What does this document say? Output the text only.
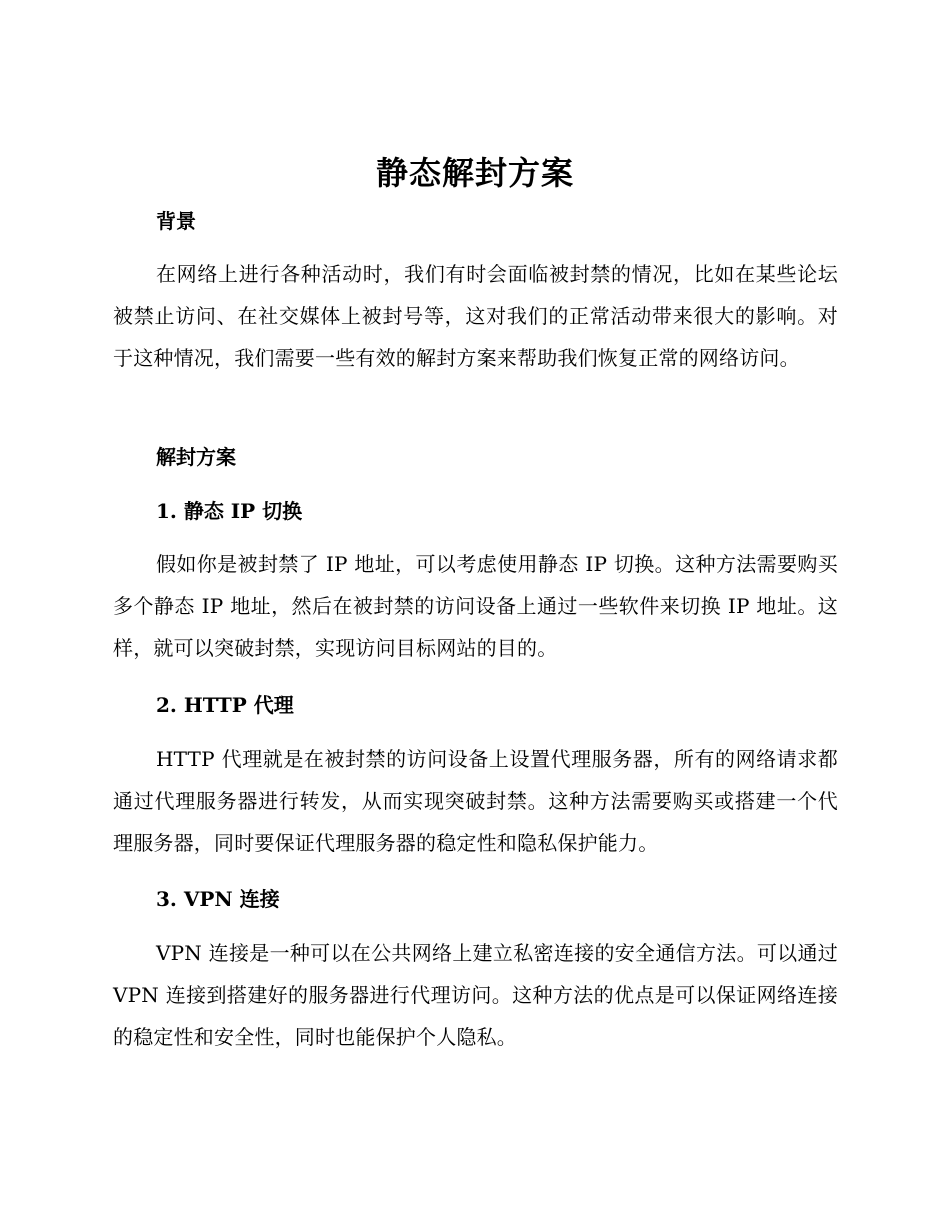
静态解封方案
背景
在网络上进行各种活动时，我们有时会面临被封禁的情况，比如在某些论坛被禁止访问、在社交媒体上被封号等，这对我们的正常活动带来很大的影响。对于这种情况，我们需要一些有效的解封方案来帮助我们恢复正常的网络访问。
解封方案
1. 静态 IP 切换
假如你是被封禁了 IP 地址，可以考虑使用静态 IP 切换。这种方法需要购买多个静态 IP 地址，然后在被封禁的访问设备上通过一些软件来切换 IP 地址。这样，就可以突破封禁，实现访问目标网站的目的。
2. HTTP 代理
HTTP 代理就是在被封禁的访问设备上设置代理服务器，所有的网络请求都通过代理服务器进行转发，从而实现突破封禁。这种方法需要购买或搭建一个代理服务器，同时要保证代理服务器的稳定性和隐私保护能力。
3. VPN 连接
VPN 连接是一种可以在公共网络上建立私密连接的安全通信方法。可以通过 VPN 连接到搭建好的服务器进行代理访问。这种方法的优点是可以保证网络连接的稳定性和安全性，同时也能保护个人隐私。
